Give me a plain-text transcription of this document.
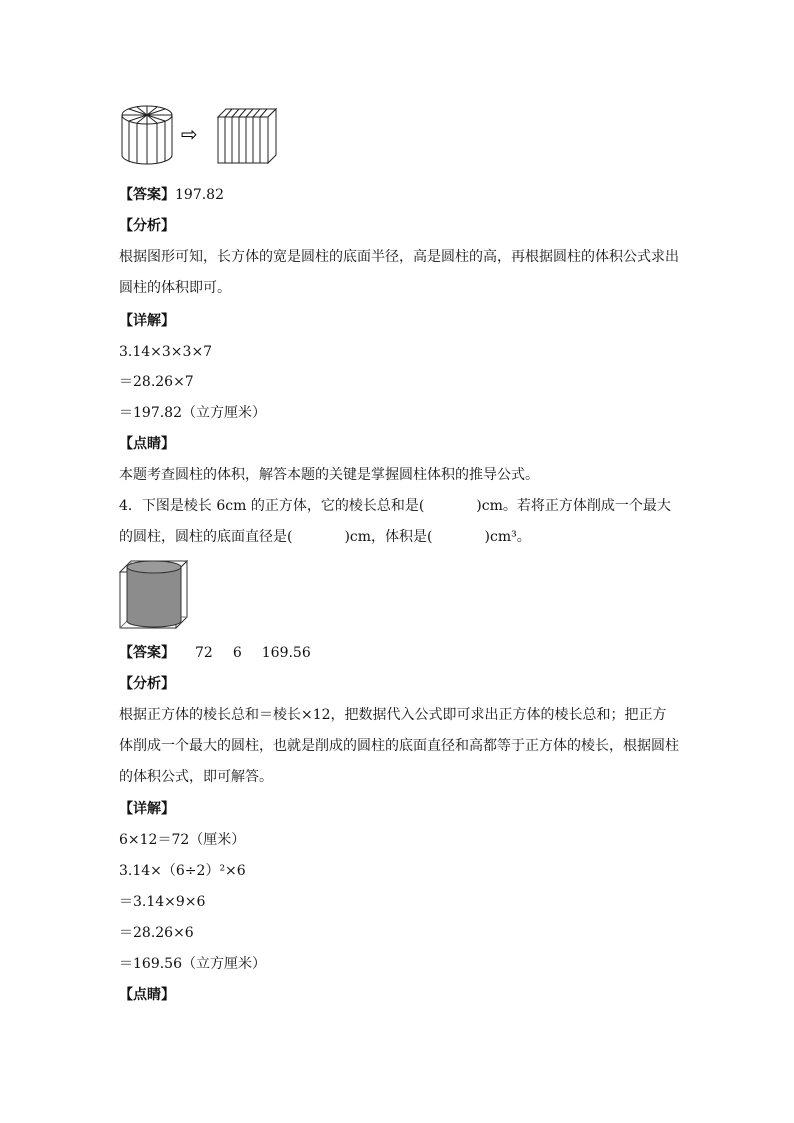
⇨
【答案】197.82
【分析】
根据图形可知，长方体的宽是圆柱的底面半径，高是圆柱的高，再根据圆柱的体积公式求出圆柱的体积即可。
【详解】
3.14×3×3×7
＝28.26×7
＝197.82（立方厘米）
【点睛】
本题考查圆柱的体积，解答本题的关键是掌握圆柱体积的推导公式。
4．下图是棱长 6cm 的正方体，它的棱长总和是(	)cm。若将正方体削成一个最大
的圆柱，圆柱的底面直径是(	)cm，体积是(	)cm³。
【答案】 72 6 169.56
【分析】
根据正方体的棱长总和＝棱长×12，把数据代入公式即可求出正方体的棱长总和；把正方体削成一个最大的圆柱，也就是削成的圆柱的底面直径和高都等于正方体的棱长，根据圆柱的体积公式，即可解答。
【详解】
6×12＝72（厘米）
3.14×（6÷2）²×6
＝3.14×9×6
＝28.26×6
＝169.56（立方厘米）
【点睛】
